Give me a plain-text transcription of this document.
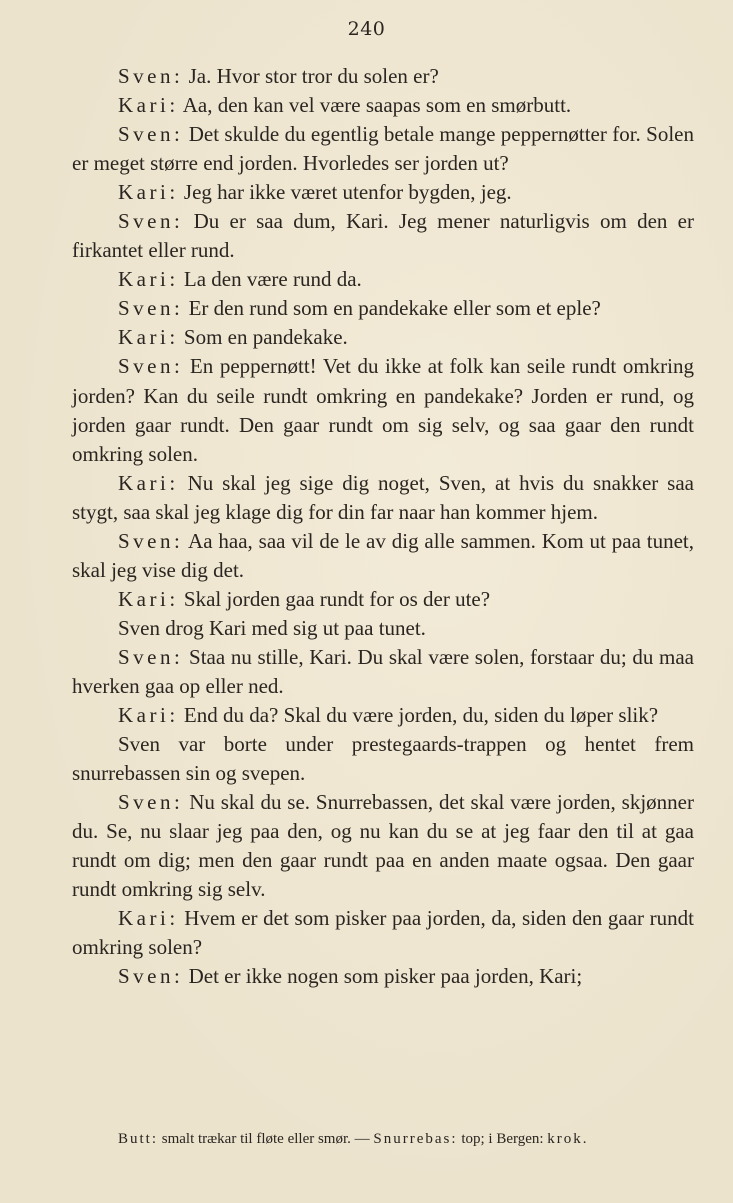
240

Sven: Ja. Hvor stor tror du solen er?

Kari: Aa, den kan vel være saapas som en smørbutt.

Sven: Det skulde du egentlig betale mange peppernøtter for. Solen er meget større end jorden. Hvorledes ser jorden ut?

Kari: Jeg har ikke været utenfor bygden, jeg.

Sven: Du er saa dum, Kari. Jeg mener naturligvis om den er firkantet eller rund.

Kari: La den være rund da.

Sven: Er den rund som en pandekake eller som et eple?

Kari: Som en pandekake.

Sven: En peppernøtt! Vet du ikke at folk kan seile rundt omkring jorden? Kan du seile rundt omkring en pandekake? Jorden er rund, og jorden gaar rundt. Den gaar rundt om sig selv, og saa gaar den rundt omkring solen.

Kari: Nu skal jeg sige dig noget, Sven, at hvis du snakker saa stygt, saa skal jeg klage dig for din far naar han kommer hjem.

Sven: Aa haa, saa vil de le av dig alle sammen. Kom ut paa tunet, skal jeg vise dig det.

Kari: Skal jorden gaa rundt for os der ute?

Sven drog Kari med sig ut paa tunet.

Sven: Staa nu stille, Kari. Du skal være solen, forstaar du; du maa hverken gaa op eller ned.

Kari: End du da? Skal du være jorden, du, siden du løper slik?

Sven var borte under prestegaards-trappen og hentet frem snurrebassen sin og svepen.

Sven: Nu skal du se. Snurrebassen, det skal være jorden, skjønner du. Se, nu slaar jeg paa den, og nu kan du se at jeg faar den til at gaa rundt om dig; men den gaar rundt paa en anden maate ogsaa. Den gaar rundt omkring sig selv.

Kari: Hvem er det som pisker paa jorden, da, siden den gaar rundt omkring solen?

Sven: Det er ikke nogen som pisker paa jorden, Kari;

Butt: smalt trækar til fløte eller smør. — Snurrebas: top; i Bergen: krok.
